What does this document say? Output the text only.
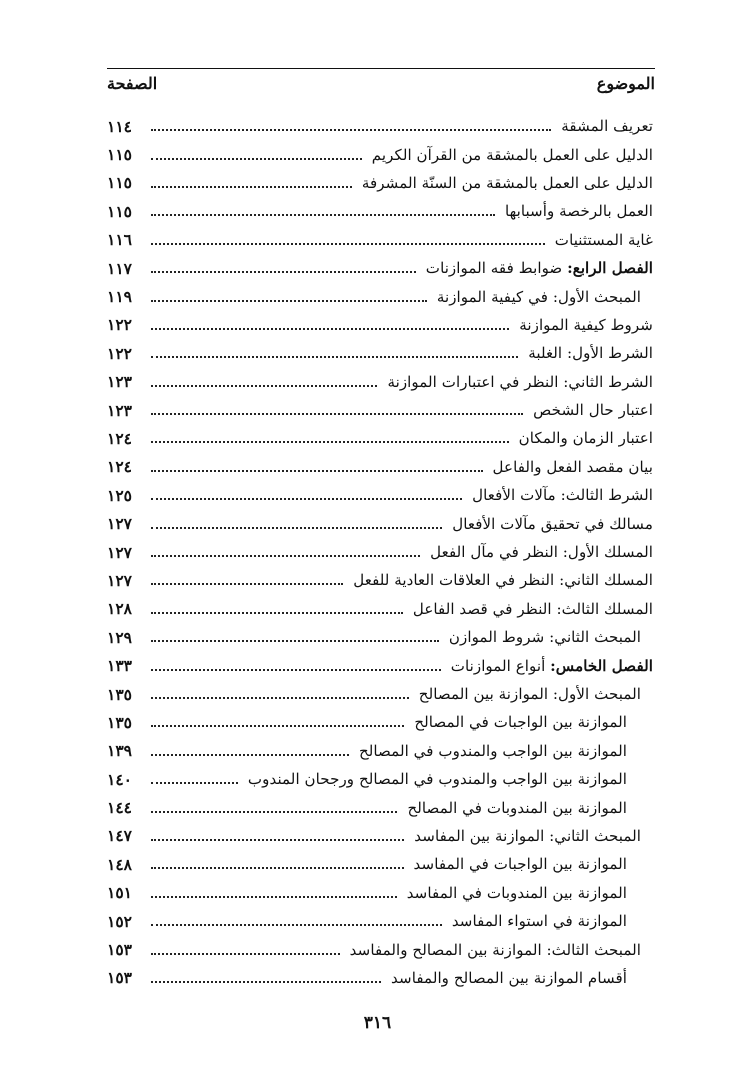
الموضوع
الصفحة
تعريف المشقة
١١٤
الدليل على العمل بالمشقة من القرآن الكريم
١١٥
الدليل على العمل بالمشقة من السنّة المشرفة
١١٥
العمل بالرخصة وأسبابها
١١٥
غاية المستثنيات
١١٦
الفصل الرابع: ضوابط فقه الموازنات
١١٧
المبحث الأول: في كيفية الموازنة
١١٩
شروط كيفية الموازنة
١٢٢
الشرط الأول: الغلبة
١٢٢
الشرط الثاني: النظر في اعتبارات الموازنة
١٢٣
اعتبار حال الشخص
١٢٣
اعتبار الزمان والمكان
١٢٤
بيان مقصد الفعل والفاعل
١٢٤
الشرط الثالث: مآلات الأفعال
١٢٥
مسالك في تحقيق مآلات الأفعال
١٢٧
المسلك الأول: النظر في مآل الفعل
١٢٧
المسلك الثاني: النظر في العلاقات العادية للفعل
١٢٧
المسلك الثالث: النظر في قصد الفاعل
١٢٨
المبحث الثاني: شروط الموازن
١٢٩
الفصل الخامس: أنواع الموازنات
١٣٣
المبحث الأول: الموازنة بين المصالح
١٣٥
الموازنة بين الواجبات في المصالح
١٣٥
الموازنة بين الواجب والمندوب في المصالح
١٣٩
الموازنة بين الواجب والمندوب في المصالح ورجحان المندوب
١٤٠
الموازنة بين المندوبات في المصالح
١٤٤
المبحث الثاني: الموازنة بين المفاسد
١٤٧
الموازنة بين الواجبات في المفاسد
١٤٨
الموازنة بين المندوبات في المفاسد
١٥١
الموازنة في استواء المفاسد
١٥٢
المبحث الثالث: الموازنة بين المصالح والمفاسد
١٥٣
أقسام الموازنة بين المصالح والمفاسد
١٥٣
٣١٦
